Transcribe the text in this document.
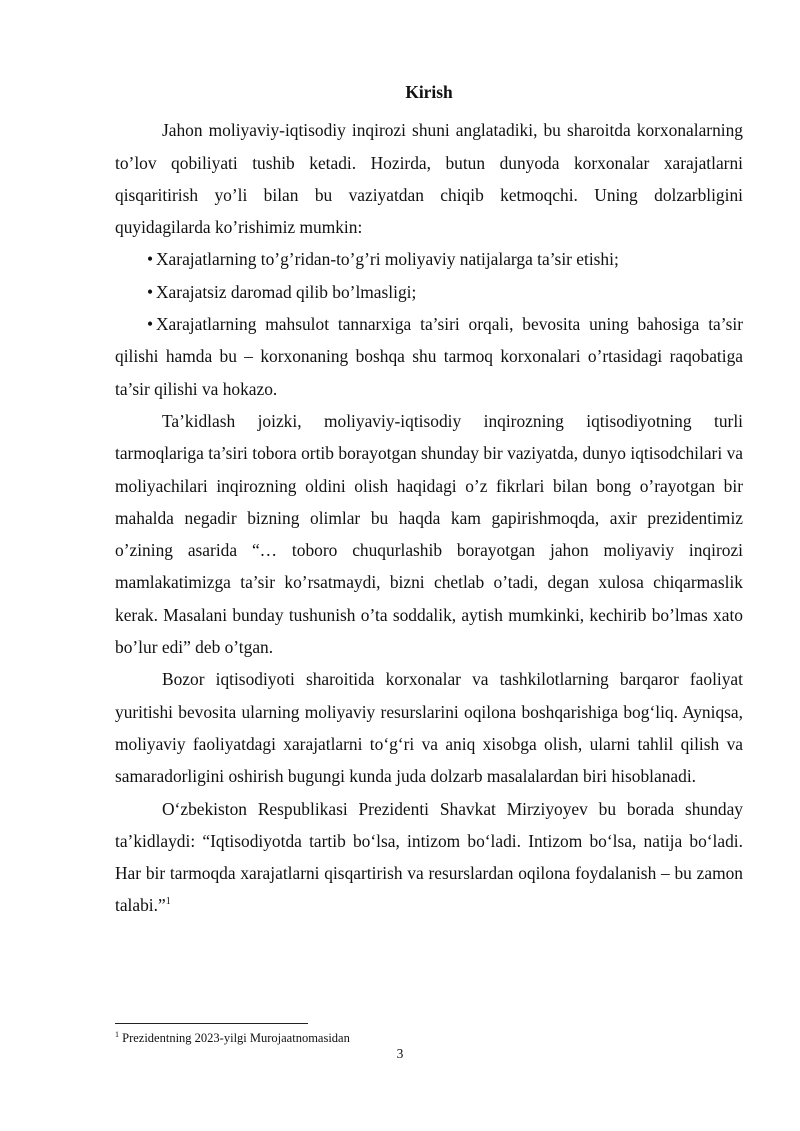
Kirish

Jahon moliyaviy-iqtisodiy inqirozi shuni anglatadiki, bu sharoitda korxonalarning to’lov qobiliyati tushib ketadi. Hozirda, butun dunyoda korxonalar xarajatlarni qisqaritirish yo’li bilan bu vaziyatdan chiqib ketmoqchi. Uning dolzarbligini quyidagilarda ko’rishimiz mumkin:

• Xarajatlarning to’g’ridan-to’g’ri moliyaviy natijalarga ta’sir etishi;
• Xarajatsiz daromad qilib bo’lmasligi;
• Xarajatlarning mahsulot tannarxiga ta’siri orqali, bevosita uning bahosiga ta’sir qilishi hamda bu – korxonaning boshqa shu tarmoq korxonalari o’rtasidagi raqobatiga ta’sir qilishi va hokazo.

Ta’kidlash joizki, moliyaviy-iqtisodiy inqirozning iqtisodiyotning turli tarmoqlariga ta’siri tobora ortib borayotgan shunday bir vaziyatda, dunyo iqtisodchilari va moliyachilari inqirozning oldini olish haqidagi o’z fikrlari bilan bong o’rayotgan bir mahalda negadir bizning olimlar bu haqda kam gapirishmoqda, axir prezidentimiz o’zining asarida “… toboro chuqurlashib borayotgan jahon moliyaviy inqirozi mamlakatimizga ta’sir ko’rsatmaydi, bizni chetlab o’tadi, degan xulosa chiqarmaslik kerak. Masalani bunday tushunish o’ta soddalik, aytish mumkinki, kechirib bo’lmas xato bo’lur edi” deb o’tgan.

Bozor iqtisodiyoti sharoitida korxonalar va tashkilotlarning barqaror faoliyat yuritishi bevosita ularning moliyaviy resurslarini oqilona boshqarishiga bog‘liq. Ayniqsa, moliyaviy faoliyatdagi xarajatlarni to‘g‘ri va aniq xisobga olish, ularni tahlil qilish va samaradorligini oshirish bugungi kunda juda dolzarb masalalardan biri hisoblanadi.

O‘zbekiston Respublikasi Prezidenti Shavkat Mirziyoyev bu borada shunday ta’kidlaydi: “Iqtisodiyotda tartib bo‘lsa, intizom bo‘ladi. Intizom bo‘lsa, natija bo‘ladi. Har bir tarmoqda xarajatlarni qisqartirish va resurslardan oqilona foydalanish – bu zamon talabi.”$^1$

$^1$ Prezidentning 2023-yilgi Murojaatnomasidan
3
